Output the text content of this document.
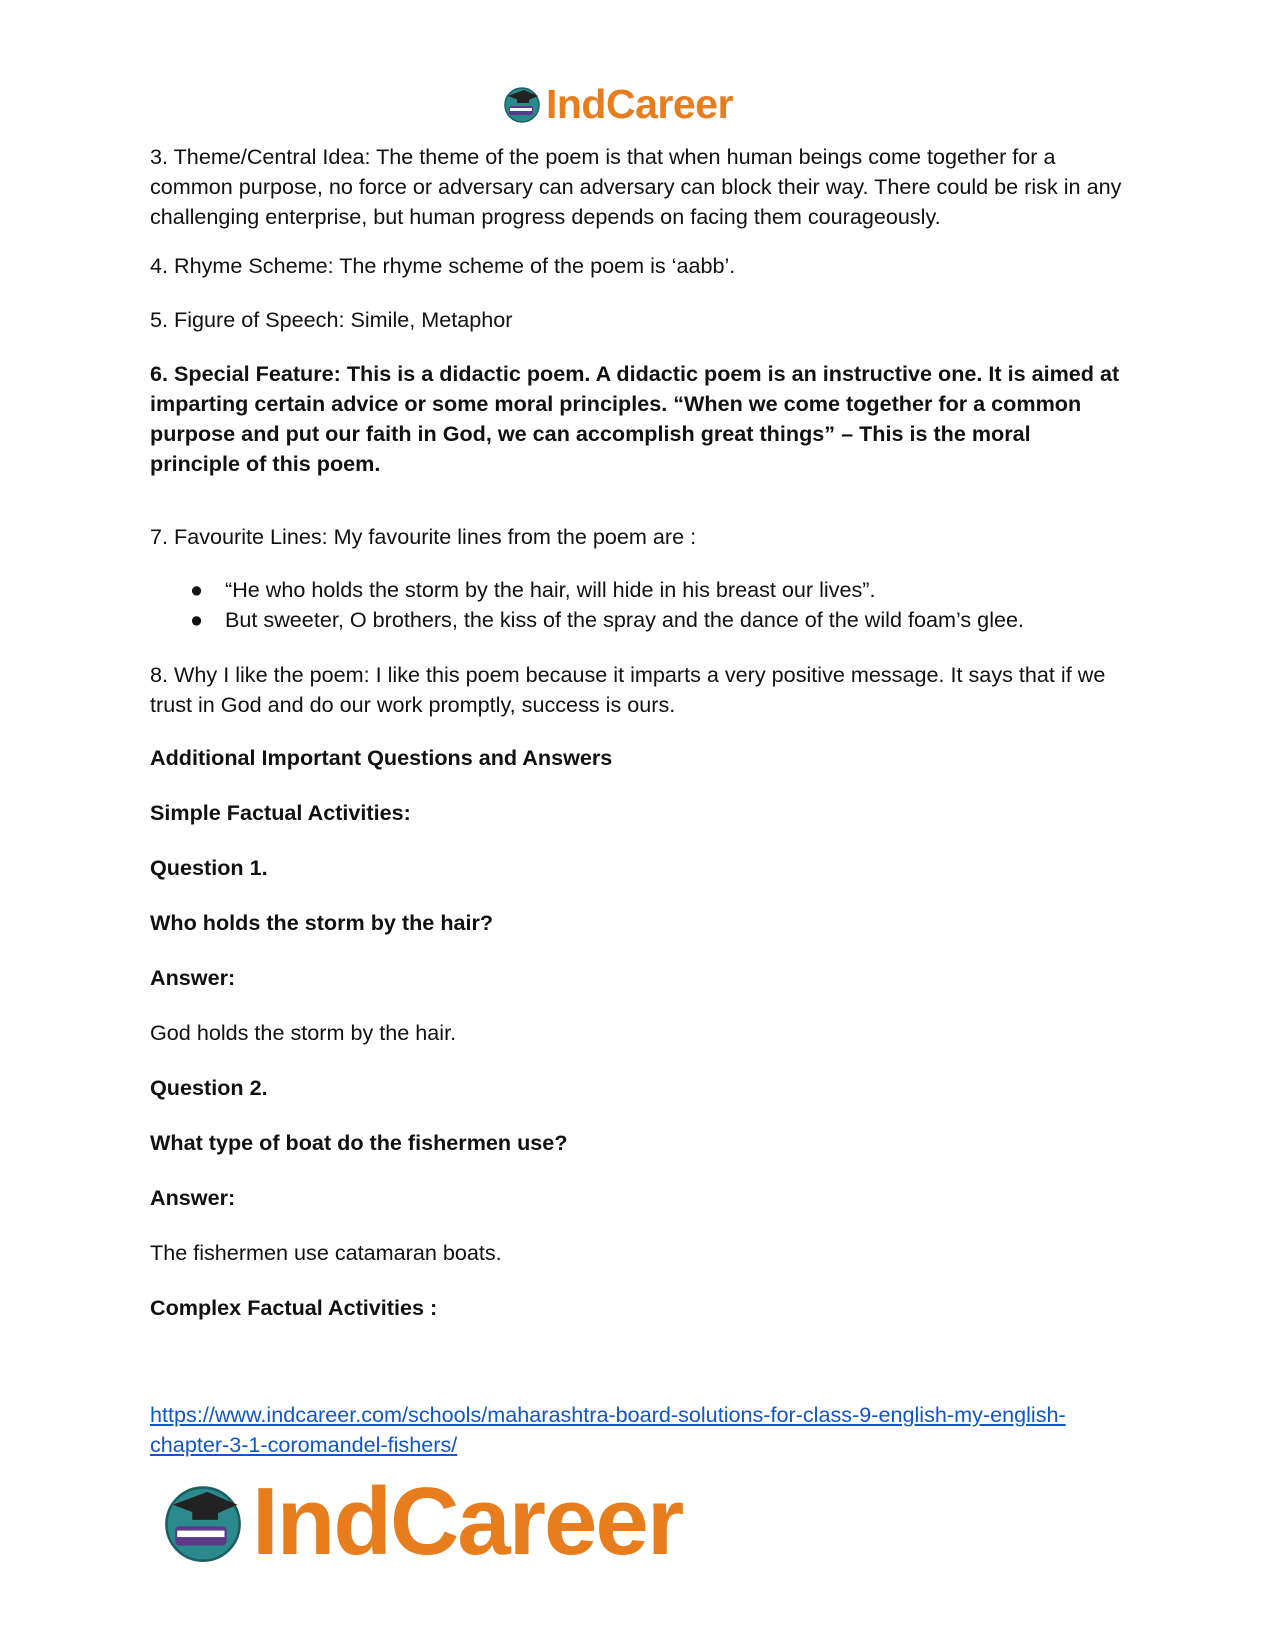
IndCareer

3. Theme/Central Idea: The theme of the poem is that when human beings come together for a common purpose, no force or adversary can adversary can block their way. There could be risk in any challenging enterprise, but human progress depends on facing them courageously.

4. Rhyme Scheme: The rhyme scheme of the poem is ‘aabb’.

5. Figure of Speech: Simile, Metaphor

6. Special Feature: This is a didactic poem. A didactic poem is an instructive one. It is aimed at imparting certain advice or some moral principles. “When we come together for a common purpose and put our faith in God, we can accomplish great things” – This is the moral principle of this poem.

7. Favourite Lines: My favourite lines from the poem are :

● “He who holds the storm by the hair, will hide in his breast our lives”.
● But sweeter, O brothers, the kiss of the spray and the dance of the wild foam’s glee.

8. Why I like the poem: I like this poem because it imparts a very positive message. It says that if we trust in God and do our work promptly, success is ours.

Additional Important Questions and Answers

Simple Factual Activities:

Question 1.

Who holds the storm by the hair?

Answer:

God holds the storm by the hair.

Question 2.

What type of boat do the fishermen use?

Answer:

The fishermen use catamaran boats.

Complex Factual Activities :

https://www.indcareer.com/schools/maharashtra-board-solutions-for-class-9-english-my-english-chapter-3-1-coromandel-fishers/
IndCareer
